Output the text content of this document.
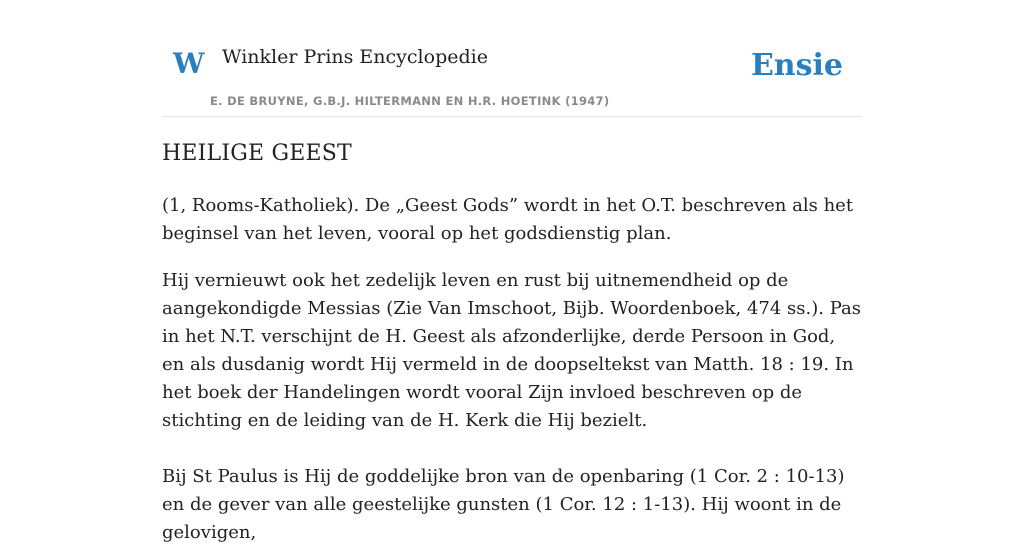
W Winkler Prins Encyclopedie
E. DE BRUYNE, G.B.J. HILTERMANN EN H.R. HOETINK (1947)
Ensie
HEILIGE GEEST

(1, Rooms-Katholiek). De „Geest Gods” wordt in het O.T. beschreven als het beginsel van het leven, vooral op het godsdienstig plan.

Hij vernieuwt ook het zedelijk leven en rust bij uitnemendheid op de aangekondigde Messias (Zie Van Imschoot, Bijb. Woordenboek, 474 ss.). Pas in het N.T. verschijnt de H. Geest als afzonderlijke, derde Persoon in God, en als dusdanig wordt Hij vermeld in de doopseltekst van Matth. 18 : 19. In het boek der Handelingen wordt vooral Zijn invloed beschreven op de stichting en de leiding van de H. Kerk die Hij bezielt.

Bij St Paulus is Hij de goddelijke bron van de openbaring (1 Cor. 2 : 10-13) en de gever van alle geestelijke gunsten (1 Cor. 12 : 1-13). Hij woont in de gelovigen,
